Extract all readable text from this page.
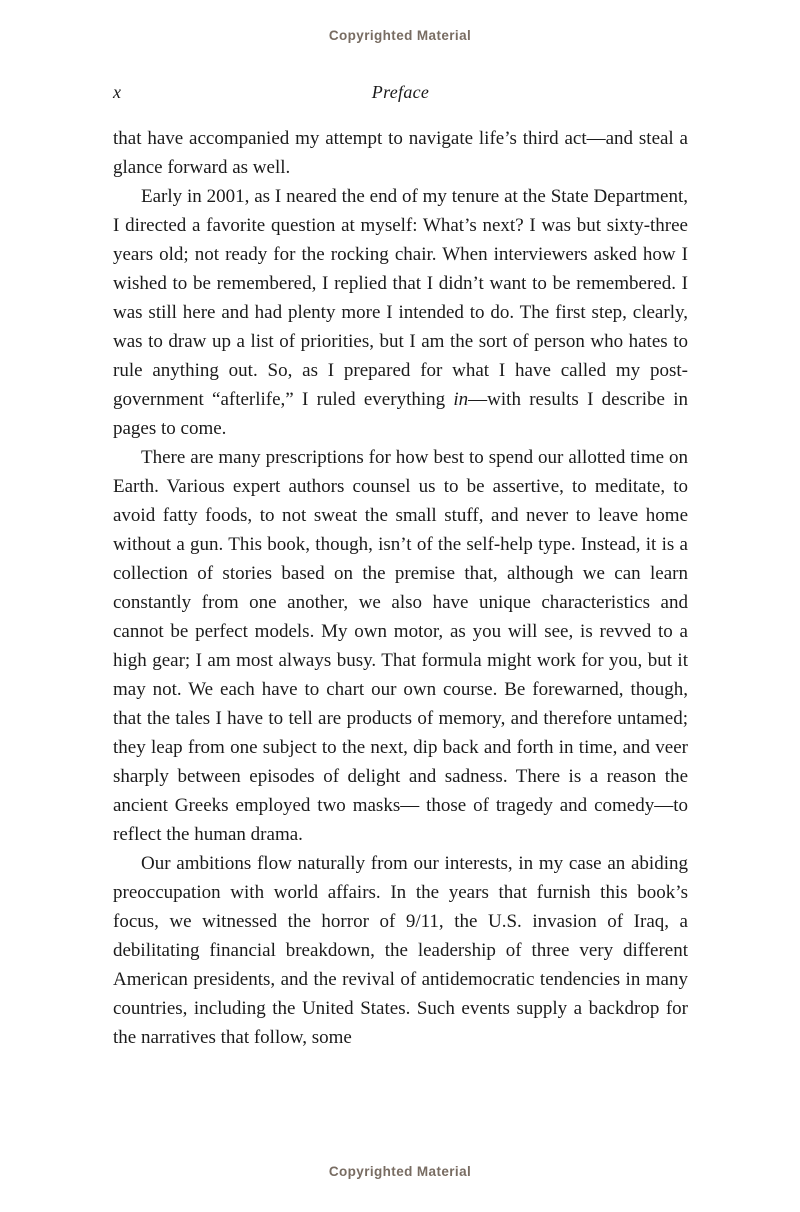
Copyrighted Material
x	Preface

that have accompanied my attempt to navigate life’s third act—and steal a glance forward as well.

Early in 2001, as I neared the end of my tenure at the State Department, I directed a favorite question at myself: What’s next? I was but sixty-three years old; not ready for the rocking chair. When interviewers asked how I wished to be remembered, I replied that I didn’t want to be remembered. I was still here and had plenty more I intended to do. The first step, clearly, was to draw up a list of priorities, but I am the sort of person who hates to rule anything out. So, as I prepared for what I have called my post-government “afterlife,” I ruled everything in—with results I describe in pages to come.

There are many prescriptions for how best to spend our allotted time on Earth. Various expert authors counsel us to be assertive, to meditate, to avoid fatty foods, to not sweat the small stuff, and never to leave home without a gun. This book, though, isn’t of the self-help type. Instead, it is a collection of stories based on the premise that, although we can learn constantly from one another, we also have unique characteristics and cannot be perfect models. My own motor, as you will see, is revved to a high gear; I am most always busy. That formula might work for you, but it may not. We each have to chart our own course. Be forewarned, though, that the tales I have to tell are products of memory, and therefore untamed; they leap from one subject to the next, dip back and forth in time, and veer sharply between episodes of delight and sadness. There is a reason the ancient Greeks employed two masks— those of tragedy and comedy—to reflect the human drama.

Our ambitions flow naturally from our interests, in my case an abiding preoccupation with world affairs. In the years that furnish this book’s focus, we witnessed the horror of 9/11, the U.S. invasion of Iraq, a debilitating financial breakdown, the leadership of three very different American presidents, and the revival of antidemocratic tendencies in many countries, including the United States. Such events supply a backdrop for the narratives that follow, some

Copyrighted Material
